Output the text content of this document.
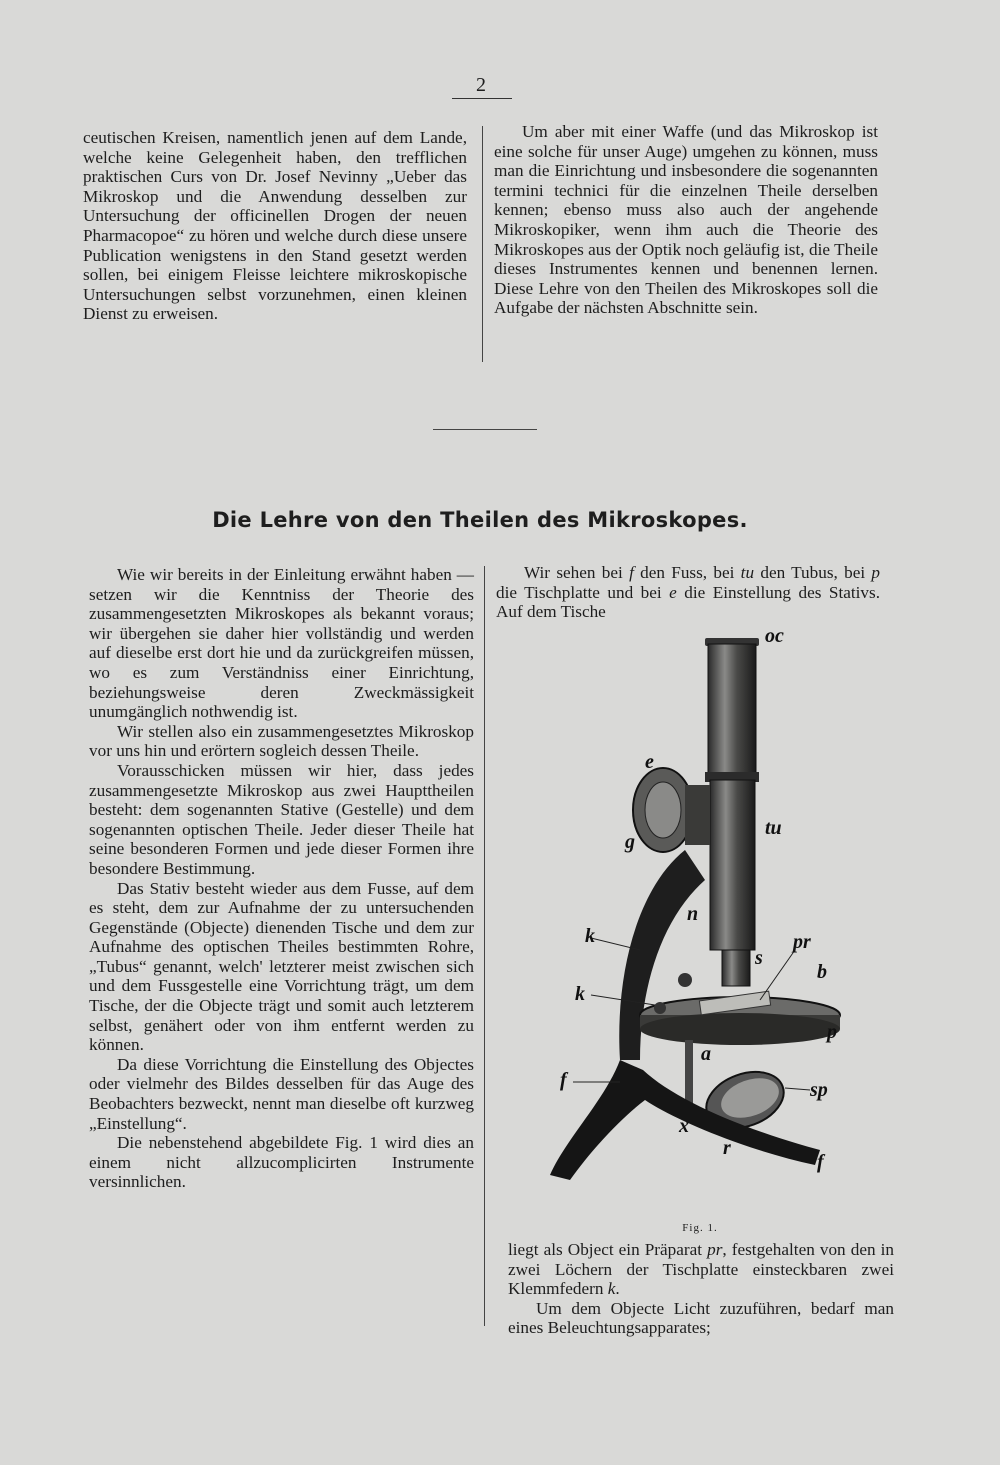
2

ceutischen Kreisen, namentlich jenen auf dem Lande, welche keine Gelegenheit haben, den trefflichen praktischen Curs von Dr. Josef Nevinny „Ueber das Mikroskop und die Anwendung desselben zur Untersuchung der officinellen Drogen der neuen Pharmacopoe“ zu hören und welche durch diese unsere Publication wenigstens in den Stand gesetzt werden sollen, bei einigem Fleisse leichtere mikroskopische Untersuchungen selbst vorzunehmen, einen kleinen Dienst zu erweisen.

Um aber mit einer Waffe (und das Mikroskop ist eine solche für unser Auge) umgehen zu können, muss man die Einrichtung und insbesondere die sogenannten termini technici für die einzelnen Theile derselben kennen; ebenso muss also auch der angehende Mikroskopiker, wenn ihm auch die Theorie des Mikroskopes aus der Optik noch geläufig ist, die Theile dieses Instrumentes kennen und benennen lernen. Diese Lehre von den Theilen des Mikroskopes soll die Aufgabe der nächsten Abschnitte sein.

Die Lehre von den Theilen des Mikroskopes.

Wie wir bereits in der Einleitung erwähnt haben — setzen wir die Kenntniss der Theorie des zusammengesetzten Mikroskopes als bekannt voraus; wir übergehen sie daher hier vollständig und werden auf dieselbe erst dort hie und da zurückgreifen müssen, wo es zum Verständniss einer Einrichtung, beziehungsweise deren Zweckmässigkeit unumgänglich nothwendig ist.

Wir stellen also ein zusammengesetztes Mikroskop vor uns hin und erörtern sogleich dessen Theile.

Vorausschicken müssen wir hier, dass jedes zusammengesetzte Mikroskop aus zwei Haupttheilen besteht: dem sogenannten Stative (Gestelle) und dem sogenannten optischen Theile. Jeder dieser Theile hat seine besonderen Formen und jede dieser Formen ihre besondere Bestimmung.

Das Stativ besteht wieder aus dem Fusse, auf dem es steht, dem zur Aufnahme der zu untersuchenden Gegenstände (Objecte) dienenden Tische und dem zur Aufnahme des optischen Theiles bestimmten Rohre, „Tubus“ genannt, welch' letzterer meist zwischen sich und dem Fussgestelle eine Vorrichtung trägt, um dem Tische, der die Objecte trägt und somit auch letzterem selbst, genähert oder von ihm entfernt werden zu können.

Da diese Vorrichtung die Einstellung des Objectes oder vielmehr des Bildes desselben für das Auge des Beobachters bezweckt, nennt man dieselbe oft kurzweg „Einstellung“.

Die nebenstehend abgebildete Fig. 1 wird dies an einem nicht allzucomplicirten Instrumente versinnlichen.

Wir sehen bei f den Fuss, bei tu den Tubus, bei p die Tischplatte und bei e die Einstellung des Stativs. Auf dem Tische

oc
e
tu
g
n
k	pr
s
b
k
p
a
f	sp
x
r
f
Fig. 1.

liegt als Object ein Präparat pr, festgehalten von den in zwei Löchern der Tischplatte einsteckbaren zwei Klemmfedern k.

Um dem Objecte Licht zuzuführen, bedarf man eines Beleuchtungsapparates;
